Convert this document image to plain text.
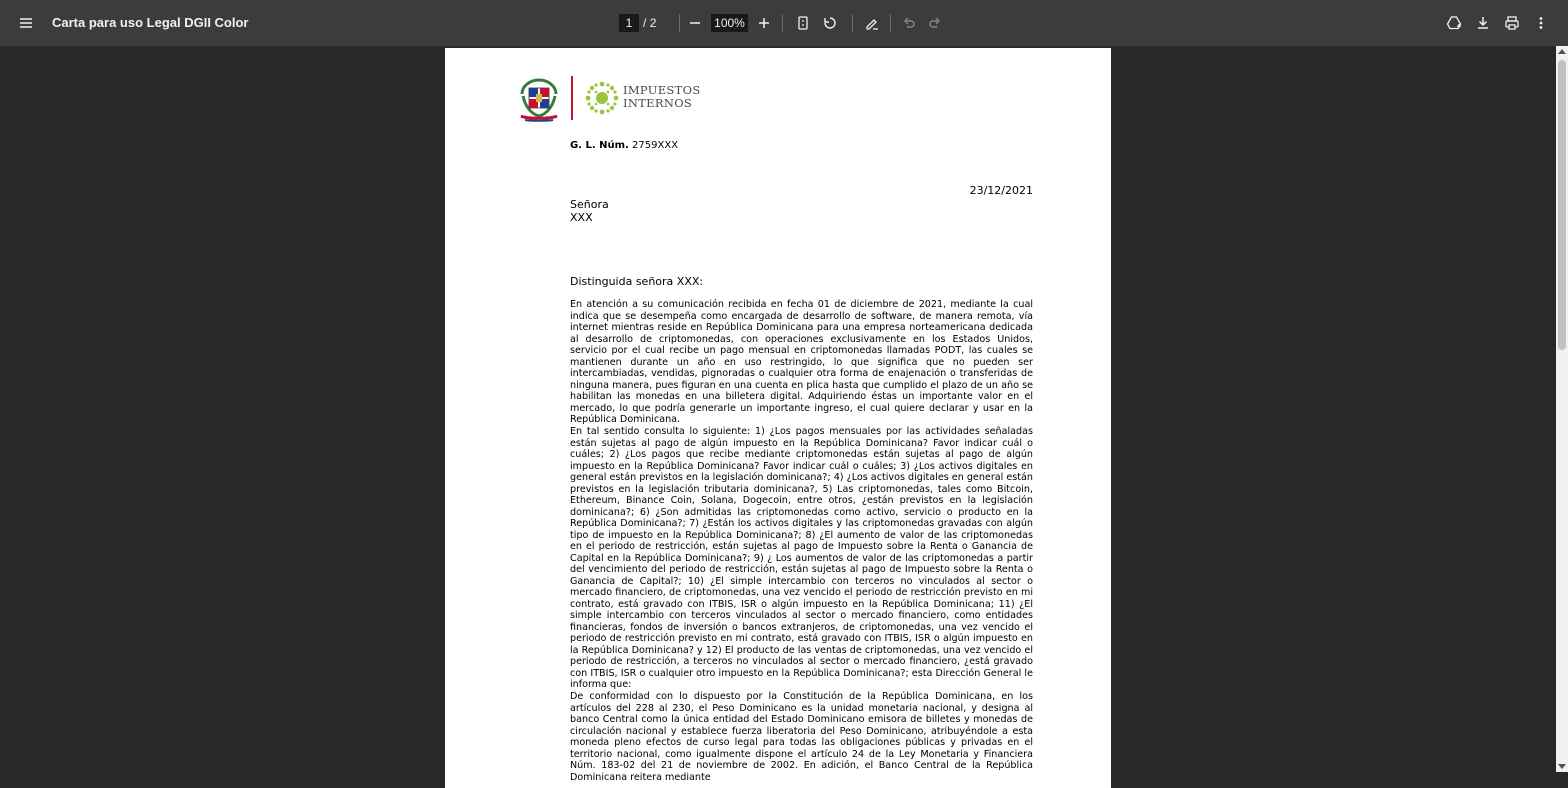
Carta para uso Legal DGII Color
1	/ 2
100%
IMPUESTOS
INTERNOS
G. L. Núm. 2759XXX
23/12/2021
Señora
XXX
Distinguida señora XXX:

En atención a su comunicación recibida en fecha 01 de diciembre de 2021, mediante la cual indica que se desempeña como encargada de desarrollo de software, de manera remota, vía internet mientras reside en República Dominicana para una empresa norteamericana dedicada al desarrollo de criptomonedas, con operaciones exclusivamente en los Estados Unidos, servicio por el cual recibe un pago mensual en criptomonedas llamadas PODT, las cuales se mantienen durante un año en uso restringido, lo que significa que no pueden ser intercambiadas, vendidas, pignoradas o cualquier otra forma de enajenación o transferidas de ninguna manera, pues figuran en una cuenta en plica hasta que cumplido el plazo de un año se habilitan las monedas en una billetera digital. Adquiriendo éstas un importante valor en el mercado, lo que podría generarle un importante ingreso, el cual quiere declarar y usar en la República Dominicana.

En tal sentido consulta lo siguiente: 1) ¿Los pagos mensuales por las actividades señaladas están sujetas al pago de algún impuesto en la República Dominicana? Favor indicar cuál o cuáles; 2) ¿Los pagos que recibe mediante criptomonedas están sujetas al pago de algún impuesto en la República Dominicana? Favor indicar cuál o cuáles; 3) ¿Los activos digitales en general están previstos en la legislación dominicana?; 4) ¿Los activos digitales en general están previstos en la legislación tributaria dominicana?, 5) Las criptomonedas, tales como Bitcoin, Ethereum, Binance Coin, Solana, Dogecoin, entre otros, ¿están previstos en la legislación dominicana?; 6) ¿Son admitidas las criptomonedas como activo, servicio o producto en la República Dominicana?; 7) ¿Están los activos digitales y las criptomonedas gravadas con algún tipo de impuesto en la República Dominicana?; 8) ¿El aumento de valor de las criptomonedas en el periodo de restricción, están sujetas al pago de Impuesto sobre la Renta o Ganancia de Capital en la República Dominicana?; 9) ¿ Los aumentos de valor de las criptomonedas a partir del vencimiento del periodo de restricción, están sujetas al pago de Impuesto sobre la Renta o Ganancia de Capital?; 10) ¿El simple intercambio con terceros no vinculados al sector o mercado financiero, de criptomonedas, una vez vencido el periodo de restricción previsto en mi contrato, está gravado con ITBIS, ISR o algún impuesto en la República Dominicana; 11) ¿El simple intercambio con terceros vinculados al sector o mercado financiero, como entidades financieras, fondos de inversión o bancos extranjeros, de criptomonedas, una vez vencido el periodo de restricción previsto en mi contrato, está gravado con ITBIS, ISR o algún impuesto en la República Dominicana? y 12) El producto de las ventas de criptomonedas, una vez vencido el periodo de restricción, a terceros no vinculados al sector o mercado financiero, ¿está gravado con ITBIS, ISR o cualquier otro impuesto en la República Dominicana?; esta Dirección General le informa que:

De conformidad con lo dispuesto por la Constitución de la República Dominicana, en los artículos del 228 al 230, el Peso Dominicano es la unidad monetaria nacional, y designa al banco Central como la única entidad del Estado Dominicano emisora de billetes y monedas de circulación nacional y establece fuerza liberatoria del Peso Dominicano, atribuyéndole a esta moneda pleno efectos de curso legal para todas las obligaciones públicas y privadas en el territorio nacional, como igualmente dispone el artículo 24 de la Ley Monetaria y Financiera Núm. 183-02 del 21 de noviembre de 2002. En adición, el Banco Central de la República Dominicana reitera mediante
